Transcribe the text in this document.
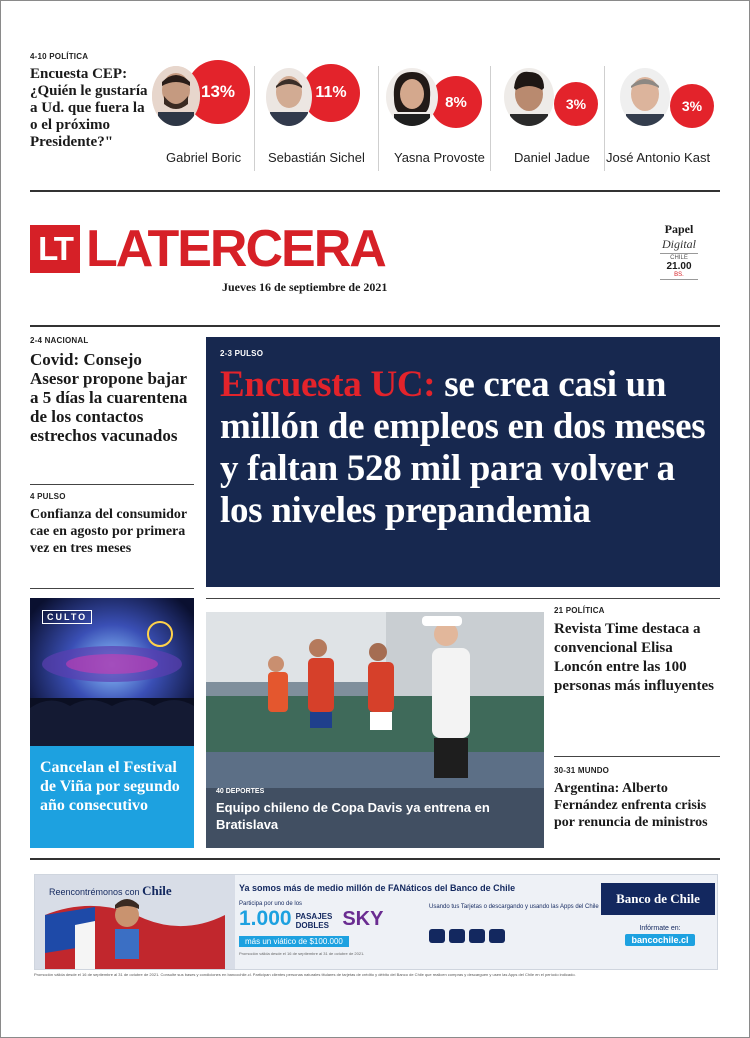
4-10 POLÍTICA
Encuesta CEP: ¿Quién le gustaría a Ud. que fuera la o el próximo Presidente?"
13%
Gabriel Boric
11%
Sebastián Sichel
8%
Yasna Provoste
3%
Daniel Jadue
3%
José Antonio Kast
LT LATERCERA
Jueves 16 de septiembre de 2021
Papel
Digital
CHILE
21.00
BS.
2-4 NACIONAL
Covid: Consejo Asesor propone bajar a 5 días la cuarentena de los contactos estrechos vacunados
4 PULSO
Confianza del consumidor cae en agosto por primera vez en tres meses
2-3 PULSO
Encuesta UC: se crea casi un millón de empleos en dos meses y faltan 528 mil para volver a los niveles prepandemia
CULTO
Cancelan el Festival de Viña por segundo año consecutivo
40 DEPORTES
Equipo chileno de Copa Davis ya entrena en Bratislava
21 POLÍTICA
Revista Time destaca a convencional Elisa Loncón entre las 100 personas más influyentes
30-31 MUNDO
Argentina: Alberto Fernández enfrenta crisis por renuncia de ministros
Reencontrémonos con Chile	Ya somos más de medio millón de FANáticos del Banco de Chile
Participa por uno de los
1.000 PASAJES
DOBLES SKY
más un viático de $100.000
Promoción válida desde el 16 de septiembre al 31 de octubre de 2021.
Usando tus Tarjetas o descargando y usando las Apps del Chile
Banco de Chile
Infórmate en:
bancochile.cl
Promoción válida desde el 16 de septiembre al 31 de octubre de 2021. Consulte sus bases y condiciones en bancochile.cl. Participan clientes personas naturales titulares de tarjetas de crédito y débito del Banco de Chile que realicen compras y descarguen y usen las Apps del Chile en el período indicado.
